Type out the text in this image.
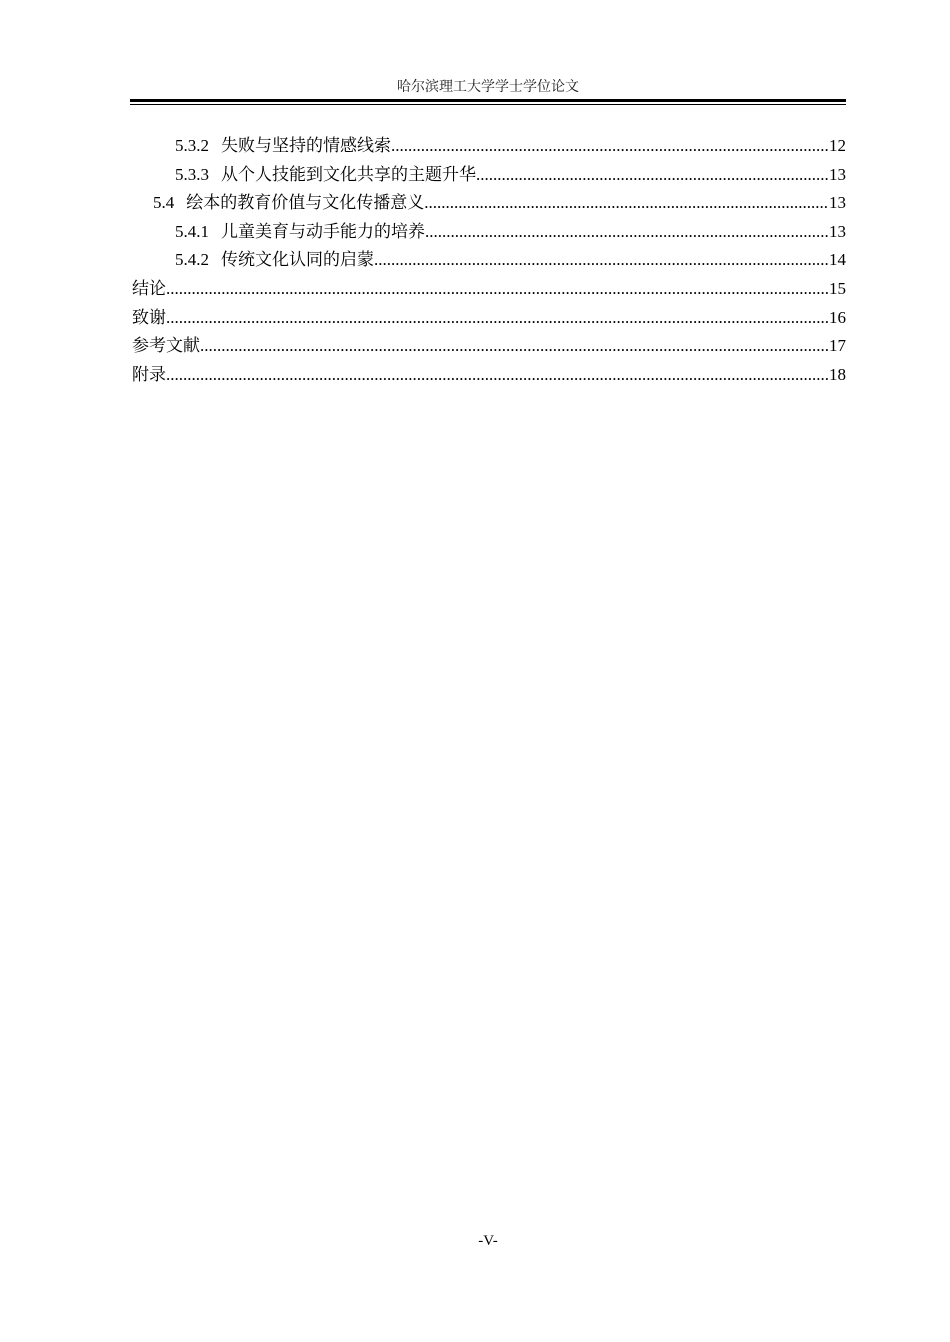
哈尔滨理工大学学士学位论文
5.3.2 失败与坚持的情感线索 .....	12
5.3.3 从个人技能到文化共享的主题升华 .....	13
5.4 绘本的教育价值与文化传播意义 .....	13
5.4.1 儿童美育与动手能力的培养 .....	13
5.4.2 传统文化认同的启蒙 .....	14
结论 .....	15
致谢 .....	16
参考文献 .....	17
附录 .....	18
-V-
